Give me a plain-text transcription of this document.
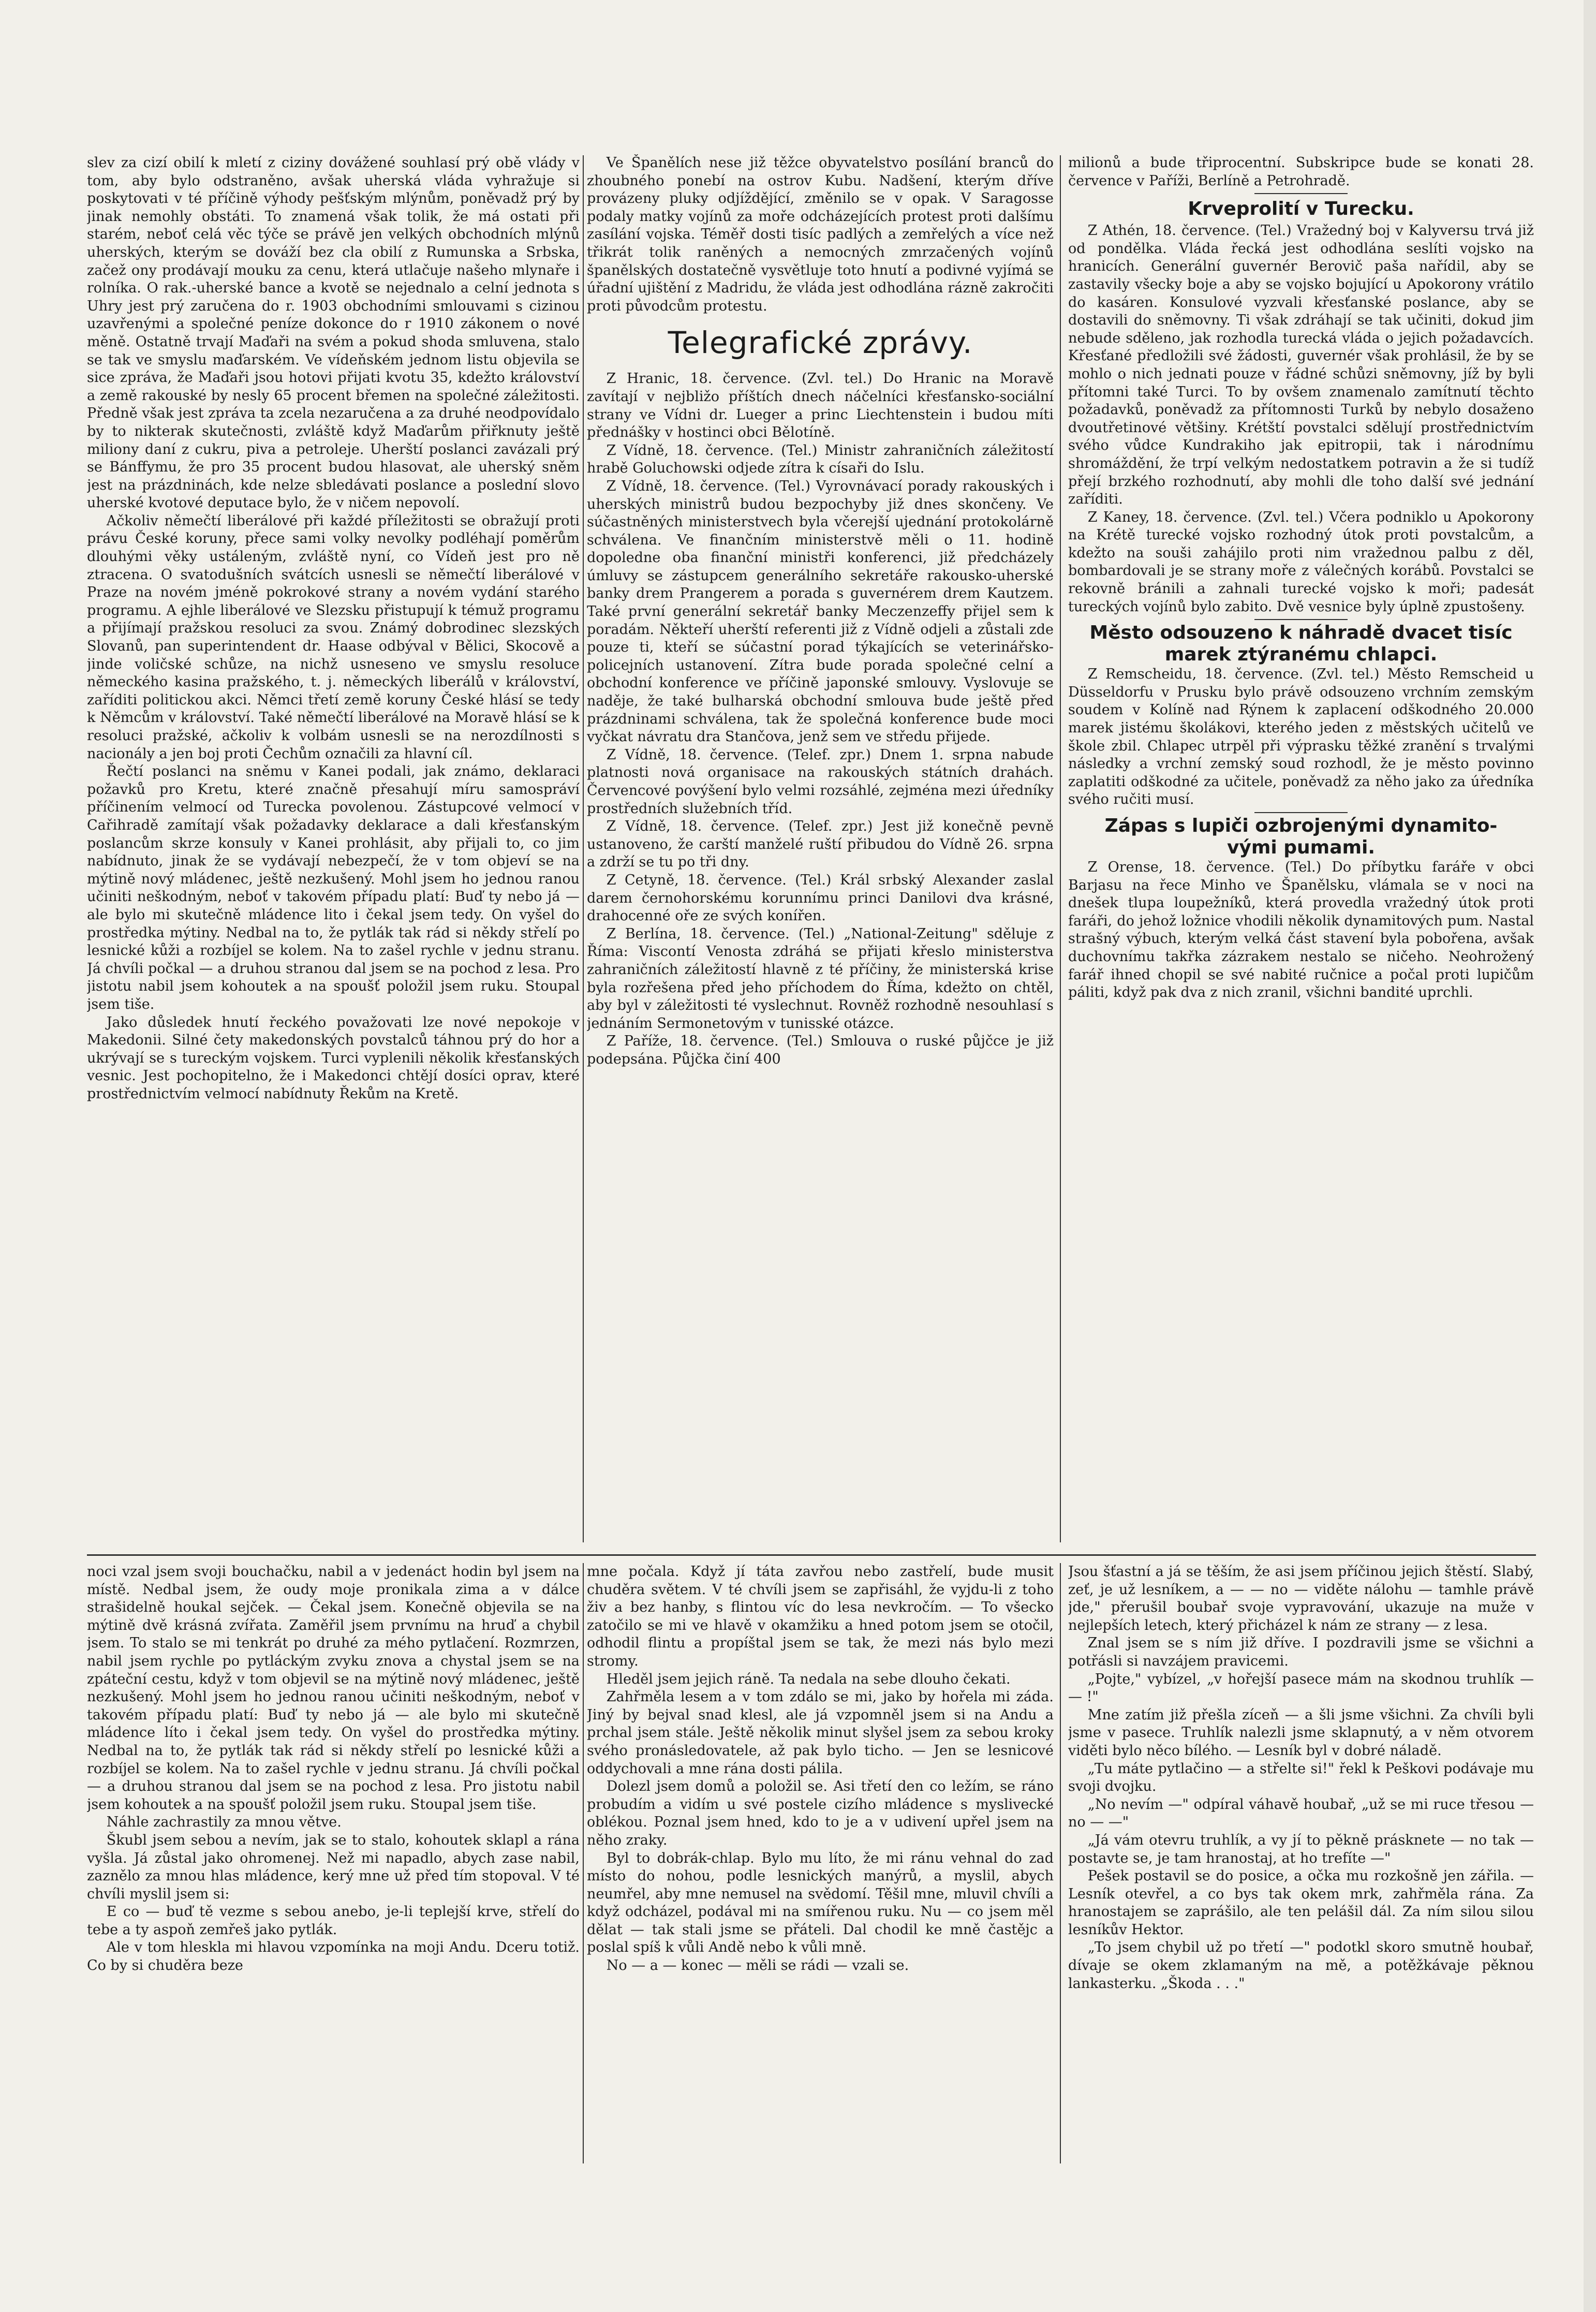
slev za cizí obilí k mletí z ciziny dovážené souhlasí prý obě vlády v tom, aby bylo odstraněno, avšak uherská vláda vyhražuje si poskytovati v té příčině výhody pešťským mlýnům, poněvadž prý by jinak nemohly obstáti. To znamená však tolik, že má ostati při starém, neboť celá věc týče se právě jen velkých obchodních mlýnů uherských, kterým se dováží bez cla obilí z Rumunska a Srbska, začež ony prodávají mouku za cenu, která utlačuje našeho mlynaře i rolníka. O rak.-uherské bance a kvotě se nejednalo a celní jednota s Uhry jest prý zaručena do r. 1903 obchodními smlouvami s cizinou uzavřenými a společné peníze dokonce do r 1910 zákonem o nové měně. Ostatně trvají Maďaři na svém a pokud shoda smluvena, stalo se tak ve smyslu maďarském. Ve vídeňském jednom listu objevila se sice zpráva, že Maďaři jsou hotovi přijati kvotu 35, kdežto království a země rakouské by nesly 65 procent břemen na společné záležitosti. Předně však jest zpráva ta zcela nezaručena a za druhé neodpovídalo by to nikterak skutečnosti, zvláště když Maďarům přiřknuty ještě miliony daní z cukru, piva a petroleje. Uherští poslanci zavázali prý se Bánffymu, že pro 35 procent budou hlasovat, ale uherský sněm jest na prázdninách, kde nelze sbledávati poslance a poslední slovo uherské kvotové deputace bylo, že v ničem nepovolí.

Ačkoliv němečtí liberálové při každé příležitosti se obražují proti právu České koruny, přece sami volky nevolky podléhají poměrům dlouhými věky ustáleným, zvláště nyní, co Vídeň jest pro ně ztracena. O svatodušních svátcích usnesli se němečtí liberálové v Praze na novém jméně pokrokové strany a novém vydání starého programu. A ejhle liberálové ve Slezsku přistupují k témuž programu a přijímají pražskou resoluci za svou. Známý dobrodinec slezských Slovanů, pan superintendent dr. Haase odbýval v Bělici, Skocově a jinde voličské schůze, na nichž usneseno ve smyslu resoluce německého kasina pražského, t. j. německých liberálů v království, zaříditi politickou akci. Němci třetí země koruny České hlásí se tedy k Němcům v království. Také němečtí liberálové na Moravě hlásí se k resoluci pražské, ačkoliv k volbám usnesli se na nerozdílnosti s nacionály a jen boj proti Čechům označili za hlavní cíl.

Řečtí poslanci na sněmu v Kanei podali, jak známo, deklaraci požavků pro Kretu, které značně přesahují míru samospráví příčinením velmocí od Turecka povolenou. Zástupcové velmocí v Cařihradě zamítají však požadavky deklarace a dali křesťanským poslancům skrze konsuly v Kanei prohlásit, aby přijali to, co jim nabídnuto, jinak že se vydávají nebezpečí, že v tom objeví se na mýtině nový mládenec, ještě nezkušený. Mohl jsem ho jednou ranou učiniti neškodným, neboť v takovém případu platí: Buď ty nebo já — ale bylo mi skutečně mládence lito i čekal jsem tedy. On vyšel do prostředka mýtiny. Nedbal na to, že pytlák tak rád si někdy střelí po lesnické kůži a rozbíjel se kolem. Na to zašel rychle v jednu stranu. Já chvíli počkal — a druhou stranou dal jsem se na pochod z lesa. Pro jistotu nabil jsem kohoutek a na spoušť položil jsem ruku. Stoupal jsem tiše.

Jako důsledek hnutí řeckého považovati lze nové nepokoje v Makedonii. Silné čety makedonských povstalců táhnou prý do hor a ukrývají se s tureckým vojskem. Turci vyplenili několik křesťanských vesnic. Jest pochopitelno, že i Makedonci chtějí dosíci oprav, které prostřednictvím velmocí nabídnuty Řekům na Kretě.

Ve Španělích nese již těžce obyvatelstvo posílání branců do zhoubného ponebí na ostrov Kubu. Nadšení, kterým dříve provázeny pluky odjíždějící, změnilo se v opak. V Saragosse podaly matky vojínů za moře odcházejících protest proti dalšímu zasílání vojska. Téměř dosti tisíc padlých a zemřelých a více než třikrát tolik raněných a nemocných zmrzačených vojínů španělských dostatečně vysvětluje toto hnutí a podivné vyjímá se úřadní ujištění z Madridu, že vláda jest odhodlána rázně zakročiti proti původcům protestu.

Telegrafické zprávy.

Z Hranic, 18. července. (Zvl. tel.) Do Hranic na Moravě zavítají v nejbližo příštích dnech náčelníci křesťansko-sociální strany ve Vídni dr. Lueger a princ Liechtenstein i budou míti přednášky v hostinci obci Bělotíně.

Z Vídně, 18. července. (Tel.) Ministr zahraničních záležitostí hrabě Goluchowski odjede zítra k císaři do Islu.

Z Vídně, 18. července. (Tel.) Vyrovnávací porady rakouských i uherských ministrů budou bezpochyby již dnes skončeny. Ve súčastněných ministerstvech byla včerejší ujednání protokolárně schválena. Ve finančním ministerstvě měli o 11. hodině dopoledne oba finanční ministři konferenci, již předcházely úmluvy se zástupcem generálního sekretáře rakousko-uherské banky drem Prangerem a porada s guvernérem drem Kautzem. Také první generální sekretář banky Meczenzeffy přijel sem k poradám. Někteří uherští referenti již z Vídně odjeli a zůstali zde pouze ti, kteří se súčastní porad týkajících se veterinářsko-policejních ustanovení. Zítra bude porada společné celní a obchodní konference ve příčině japonské smlouvy. Vyslovuje se naděje, že také bulharská obchodní smlouva bude ještě před prázdninami schválena, tak že společná konference bude moci vyčkat návratu dra Stančova, jenž sem ve středu přijede.

Z Vídně, 18. července. (Telef. zpr.) Dnem 1. srpna nabude platnosti nová organisace na rakouských státních drahách. Červencové povýšení bylo velmi rozsáhlé, zejména mezi úředníky prostředních služebních tříd.

Z Vídně, 18. července. (Telef. zpr.) Jest již konečně pevně ustanoveno, že carští manželé ruští přibudou do Vídně 26. srpna a zdrží se tu po tři dny.

Z Cetyně, 18. července. (Tel.) Král srbský Alexander zaslal darem černohorskému korunnímu princi Danilovi dva krásné, drahocenné oře ze svých konířen.

Z Berlína, 18. července. (Tel.) „National-Zeitung" sděluje z Říma: Viscontí Venosta zdráhá se přijati křeslo ministerstva zahraničních záležitostí hlavně z té příčiny, že ministerská krise byla rozřešena před jeho příchodem do Říma, kdežto on chtěl, aby byl v záležitosti té vyslechnut. Rovněž rozhodně nesouhlasí s jednáním Sermonetovým v tunisské otázce.

Z Paříže, 18. července. (Tel.) Smlouva o ruské půjčce je již podepsána. Půjčka činí 400

milionů a bude třiprocentní. Subskripce bude se konati 28. července v Paříži, Berlíně a Petrohradě.

Krveprolití v Turecku.

Z Athén, 18. července. (Tel.) Vražedný boj v Kalyversu trvá již od pondělka. Vláda řecká jest odhodlána seslíti vojsko na hranicích. Generální guvernér Berovič paša nařídil, aby se zastavily všecky boje a aby se vojsko bojující u Apokorony vrátilo do kasáren. Konsulové vyzvali křesťanské poslance, aby se dostavili do sněmovny. Ti však zdráhají se tak učiniti, dokud jim nebude sděleno, jak rozhodla turecká vláda o jejich požadavcích. Křesťané předložili své žádosti, guvernér však prohlásil, že by se mohlo o nich jednati pouze v řádné schůzi sněmovny, jíž by byli přítomni také Turci. To by ovšem znamenalo zamítnutí těchto požadavků, poněvadž za přítomnosti Turků by nebylo dosaženo dvoutřetinové většiny. Krétští povstalci sdělují prostřednictvím svého vůdce Kundrakiho jak epitropii, tak i národnímu shromáždění, že trpí velkým nedostatkem potravin a že si tudíž přejí brzkého rozhodnutí, aby mohli dle toho další své jednání zaříditi.

Z Kaney, 18. července. (Zvl. tel.) Včera podniklo u Apokorony na Krétě turecké vojsko rozhodný útok proti povstalcům, a kdežto na souši zahájilo proti nim vražednou palbu z děl, bombardovali je se strany moře z válečných korábů. Povstalci se rekovně bránili a zahnali turecké vojsko k moři; padesát tureckých vojínů bylo zabito. Dvě vesnice byly úplně zpustošeny.

Město odsouzeno k náhradě dvacet tisíc
marek ztýranému chlapci.

Z Remscheidu, 18. července. (Zvl. tel.) Město Remscheid u Düsseldorfu v Prusku bylo právě odsouzeno vrchním zemským soudem v Kolíně nad Rýnem k zaplacení odškodného 20.000 marek jistému školákovi, kterého jeden z městských učitelů ve škole zbil. Chlapec utrpěl při výprasku těžké zranění s trvalými následky a vrchní zemský soud rozhodl, že je město povinno zaplatiti odškodné za učitele, poněvadž za něho jako za úředníka svého ručiti musí.

Zápas s lupiči ozbrojenými dynamito-
vými pumami.

Z Orense, 18. července. (Tel.) Do příbytku faráře v obci Barjasu na řece Minho ve Španělsku, vlámala se v noci na dnešek tlupa loupežníků, která provedla vražedný útok proti faráři, do jehož ložnice vhodili několik dynamitových pum. Nastal strašný výbuch, kterým velká část stavení byla pobořena, avšak duchovnímu takřka zázrakem nestalo se ničeho. Neohrožený farář ihned chopil se své nabité ručnice a počal proti lupičům páliti, když pak dva z nich zranil, všichni bandité uprchli.

noci vzal jsem svoji bouchačku, nabil a v jedenáct hodin byl jsem na místě. Nedbal jsem, že oudy moje pronikala zima a v dálce strašidelně houkal sejček. — Čekal jsem. Konečně objevila se na mýtině dvě krásná zvířata. Zaměřil jsem prvnímu na hruď a chybil jsem. To stalo se mi tenkrát po druhé za mého pytlačení. Rozmrzen, nabil jsem rychle po pytláckým zvyku znova a chystal jsem se na zpáteční cestu, když v tom objevil se na mýtině nový mládenec, ještě nezkušený. Mohl jsem ho jednou ranou učiniti neškodným, neboť v takovém případu platí: Buď ty nebo já — ale bylo mi skutečně mládence líto i čekal jsem tedy. On vyšel do prostředka mýtiny. Nedbal na to, že pytlák tak rád si někdy střelí po lesnické kůži a rozbíjel se kolem. Na to zašel rychle v jednu stranu. Já chvíli počkal — a druhou stranou dal jsem se na pochod z lesa. Pro jistotu nabil jsem kohoutek a na spoušť položil jsem ruku. Stoupal jsem tiše.

Náhle zachrastily za mnou větve.

Škubl jsem sebou a nevím, jak se to stalo, kohoutek sklapl a rána vyšla. Já zůstal jako ohromenej. Než mi napadlo, abych zase nabil, zaznělo za mnou hlas mládence, kerý mne už před tím stopoval. V té chvíli myslil jsem si:

E co — buď tě vezme s sebou anebo, je-li teplejší krve, střelí do tebe a ty aspoň zemřeš jako pytlák.

Ale v tom hleskla mi hlavou vzpomínka na moji Andu. Dceru totiž. Co by si chuděra beze

mne počala. Když jí táta zavřou nebo zastřelí, bude musit chuděra světem. V té chvíli jsem se zapřisáhl, že vyjdu-li z toho živ a bez hanby, s flintou víc do lesa nevkročím. — To všecko zatočilo se mi ve hlavě v okamžiku a hned potom jsem se otočil, odhodil flintu a propíštal jsem se tak, že mezi nás bylo mezi stromy.

Hleděl jsem jejich ráně. Ta nedala na sebe dlouho čekati.

Zahřměla lesem a v tom zdálo se mi, jako by hořela mi záda. Jiný by bejval snad klesl, ale já vzpomněl jsem si na Andu a prchal jsem stále. Ještě několik minut slyšel jsem za sebou kroky svého pronásledovatele, až pak bylo ticho. — Jen se lesnicové oddychovali a mne rána dosti pálila.

Dolezl jsem domů a položil se. Asi třetí den co ležím, se ráno probudím a vidím u své postele cizího mládence s myslivecké oblékou. Poznal jsem hned, kdo to je a v udivení upřel jsem na něho zraky.

Byl to dobrák-chlap. Bylo mu líto, že mi ránu vehnal do zad místo do nohou, podle lesnických manýrů, a myslil, abych neumřel, aby mne nemusel na svědomí. Těšil mne, mluvil chvíli a když odcházel, podával mi na smířenou ruku. Nu — co jsem měl dělat — tak stali jsme se přáteli. Dal chodil ke mně častějc a poslal spíš k vůli Andě nebo k vůli mně.

No — a — konec — měli se rádi — vzali se.

Jsou šťastní a já se těším, že asi jsem příčinou jejich štěstí. Slabý, zeť, je už lesníkem, a — — no — viděte nálohu — tamhle právě jde," přerušil boubař svoje vypravování, ukazuje na muže v nejlepších letech, který přicházel k nám ze strany — z lesa.

Znal jsem se s ním již dříve. I pozdravili jsme se všichni a potřásli si navzájem pravicemi.

„Pojte," vybízel, „v hořejší pasece mám na skodnou truhlík — — !"

Mne zatím již přešla zíceň — a šli jsme všichni. Za chvíli byli jsme v pasece. Truhlík nalezli jsme sklapnutý, a v něm otvorem viděti bylo něco bílého. — Lesník byl v dobré náladě.

„Tu máte pytlačino — a střelte si!" řekl k Peškovi podávaje mu svoji dvojku.

„No nevím —" odpíral váhavě houbař, „už se mi ruce třesou — no — —"

„Já vám otevru truhlík, a vy jí to pěkně prásknete — no tak — postavte se, je tam hranostaj, at ho trefíte —"

Pešek postavil se do posice, a očka mu rozkošně jen zářila. — Lesník otevřel, a co bys tak okem mrk, zahřměla rána. Za hranostajem se zaprášilo, ale ten pelášil dál. Za ním silou silou lesníkův Hektor.

„To jsem chybil už po třetí —" podotkl skoro smutně houbař, dívaje se okem zklamaným na mě, a potěžkávaje pěknou lankasterku. „Škoda . . ."
